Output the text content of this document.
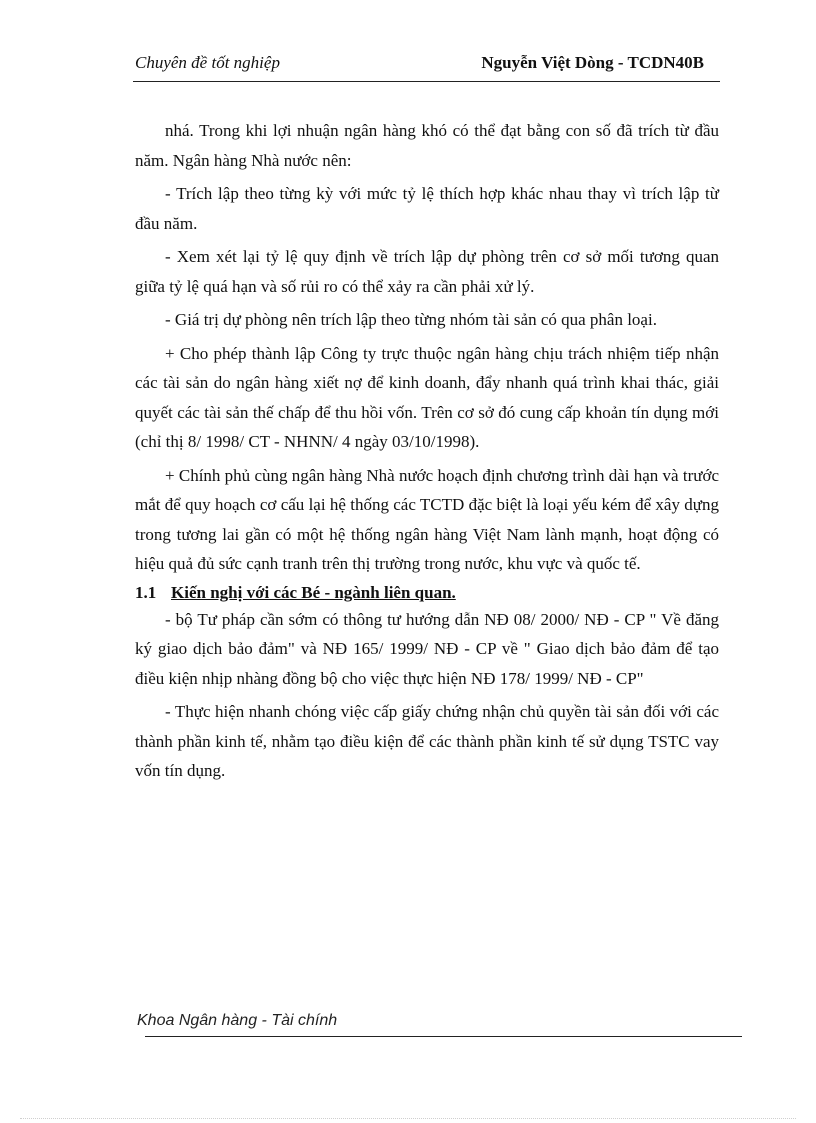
Chuyên đề tốt nghiệp	Nguyễn Việt Dòng - TCDN40B

nhá. Trong khi lợi nhuận ngân hàng khó có thể đạt bằng con số đã trích từ đầu năm. Ngân hàng Nhà nước nên:

- Trích lập theo từng kỳ với mức tỷ lệ thích hợp khác nhau thay vì trích lập từ đầu năm.

- Xem xét lại tỷ lệ quy định về trích lập dự phòng trên cơ sở mối tương quan giữa tỷ lệ quá hạn và số rủi ro có thể xảy ra cần phải xử lý.

- Giá trị dự phòng nên trích lập theo từng nhóm tài sản có qua phân loại.

+ Cho phép thành lập Công ty trực thuộc ngân hàng chịu trách nhiệm tiếp nhận các tài sản do ngân hàng xiết nợ để kinh doanh, đẩy nhanh quá trình khai thác, giải quyết các tài sản thế chấp để thu hồi vốn. Trên cơ sở đó cung cấp khoản tín dụng mới (chỉ thị 8/ 1998/ CT - NHNN/ 4 ngày 03/10/1998).

+ Chính phủ cùng ngân hàng Nhà nước hoạch định chương trình dài hạn và trước mắt để quy hoạch cơ cấu lại hệ thống các TCTD đặc biệt là loại yếu kém để xây dựng trong tương lai gần có một hệ thống ngân hàng Việt Nam lành mạnh, hoạt động có hiệu quả đủ sức cạnh tranh trên thị trường trong nước, khu vực và quốc tế.

1.1 Kiến nghị với các Bé - ngành liên quan.

- bộ Tư pháp cần sớm có thông tư hướng dẫn NĐ 08/ 2000/ NĐ - CP " Về đăng ký giao dịch bảo đảm" và NĐ 165/ 1999/ NĐ - CP về " Giao dịch bảo đảm để tạo điều kiện nhịp nhàng đồng bộ cho việc thực hiện NĐ 178/ 1999/ NĐ - CP"

- Thực hiện nhanh chóng việc cấp giấy chứng nhận chủ quyền tài sản đối với các thành phần kinh tế, nhằm tạo điều kiện để các thành phần kinh tế sử dụng TSTC vay vốn tín dụng.

Khoa Ngân hàng - Tài chính
